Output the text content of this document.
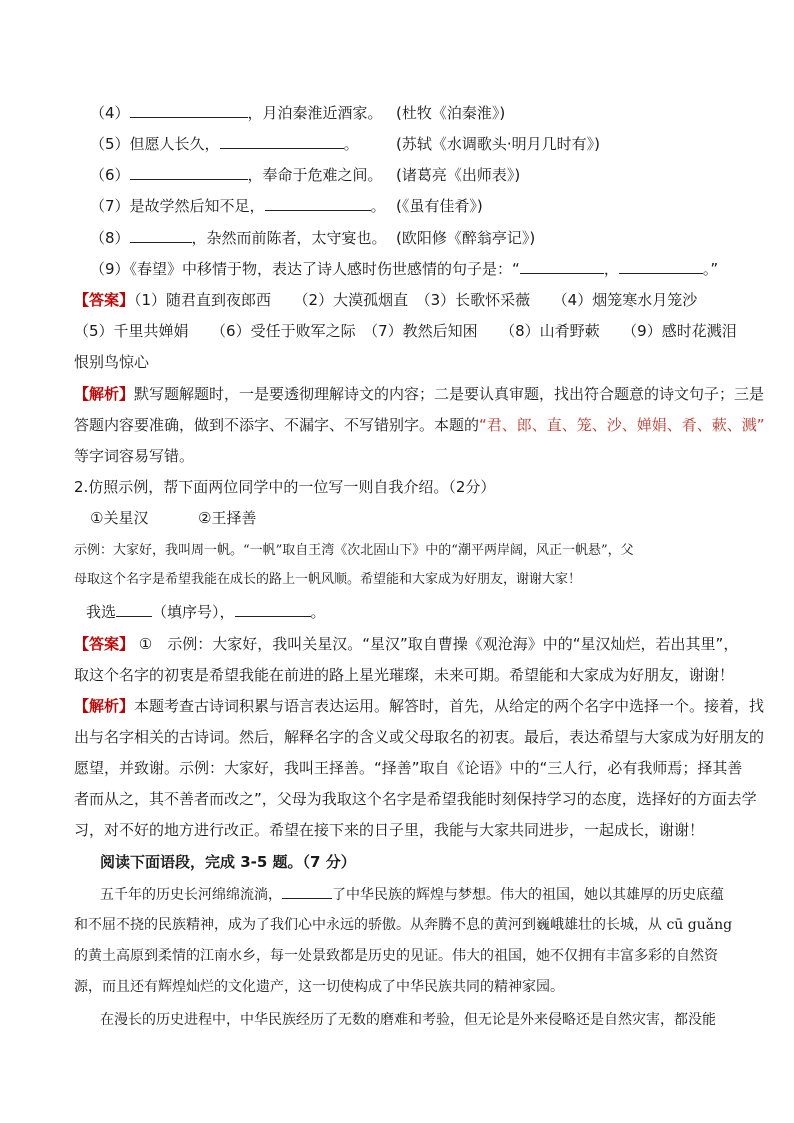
（4）	，月泊秦淮近酒家。 (杜牧《泊秦淮》)
（5）但愿人长久，	。 (苏轼《水调歌头·明月几时有》)
（6）	，奉命于危难之间。 (诸葛亮《出师表》)
（7）是故学然后知不足，	。 (《虽有佳肴》)
（8）	，杂然而前陈者，太守宴也。 (欧阳修《醉翁亭记》)
（9）《春望》中移情于物，表达了诗人感时伤世感情的句子是：“	，	。”
【答案】（1）随君直到夜郎西　　（2）大漠孤烟直　（3）长歌怀采薇　　（4）烟笼寒水月笼沙
（5）千里共婵娟　　（6）受任于败军之际　（7）教然后知困　　（8）山肴野蔌　　（9）感时花溅泪
恨别鸟惊心
【解析】默写题解题时，一是要透彻理解诗文的内容；二是要认真审题，找出符合题意的诗文句子；三是
答题内容要准确，做到不添字、不漏字、不写错别字。本题的“君、郎、直、笼、沙、婵娟、肴、蔌、溅”
等字词容易写错。
2.仿照示例，帮下面两位同学中的一位写一则自我介绍。（2分）
①关星汉	②王择善
示例：大家好，我叫周一帆。“一帆”取自王湾《次北固山下》中的“潮平两岸阔，风正一帆悬”，父
母取这个名字是希望我能在成长的路上一帆风顺。希望能和大家成为好朋友，谢谢大家！
我选 （填序号），	。
【答案】 ①　示例：大家好，我叫关星汉。“星汉”取自曹操《观沧海》中的“星汉灿烂，若出其里”，
取这个名字的初衷是希望我能在前进的路上星光璀璨，未来可期。希望能和大家成为好朋友，谢谢！
【解析】本题考查古诗词积累与语言表达运用。解答时，首先，从给定的两个名字中选择一个。接着，找
出与名字相关的古诗词。然后，解释名字的含义或父母取名的初衷。最后，表达希望与大家成为好朋友的
愿望，并致谢。示例：大家好，我叫王择善。“择善”取自《论语》中的“三人行，必有我师焉；择其善
者而从之，其不善者而改之”，父母为我取这个名字是希望我能时刻保持学习的态度，选择好的方面去学
习，对不好的地方进行改正。希望在接下来的日子里，我能与大家共同进步，一起成长，谢谢！
阅读下面语段，完成 3-5 题。（7 分）
五千年的历史长河绵绵流淌，	了中华民族的辉煌与梦想。伟大的祖国，她以其雄厚的历史底蕴
和不屈不挠的民族精神，成为了我们心中永远的骄傲。从奔腾不息的黄河到巍峨雄壮的长城，从 cū guǎng
的黄土高原到柔情的江南水乡，每一处景致都是历史的见证。伟大的祖国，她不仅拥有丰富多彩的自然资
源，而且还有辉煌灿烂的文化遗产，这一切使构成了中华民族共同的精神家园。
在漫长的历史进程中，中华民族经历了无数的磨难和考验，但无论是外来侵略还是自然灾害，都没能
